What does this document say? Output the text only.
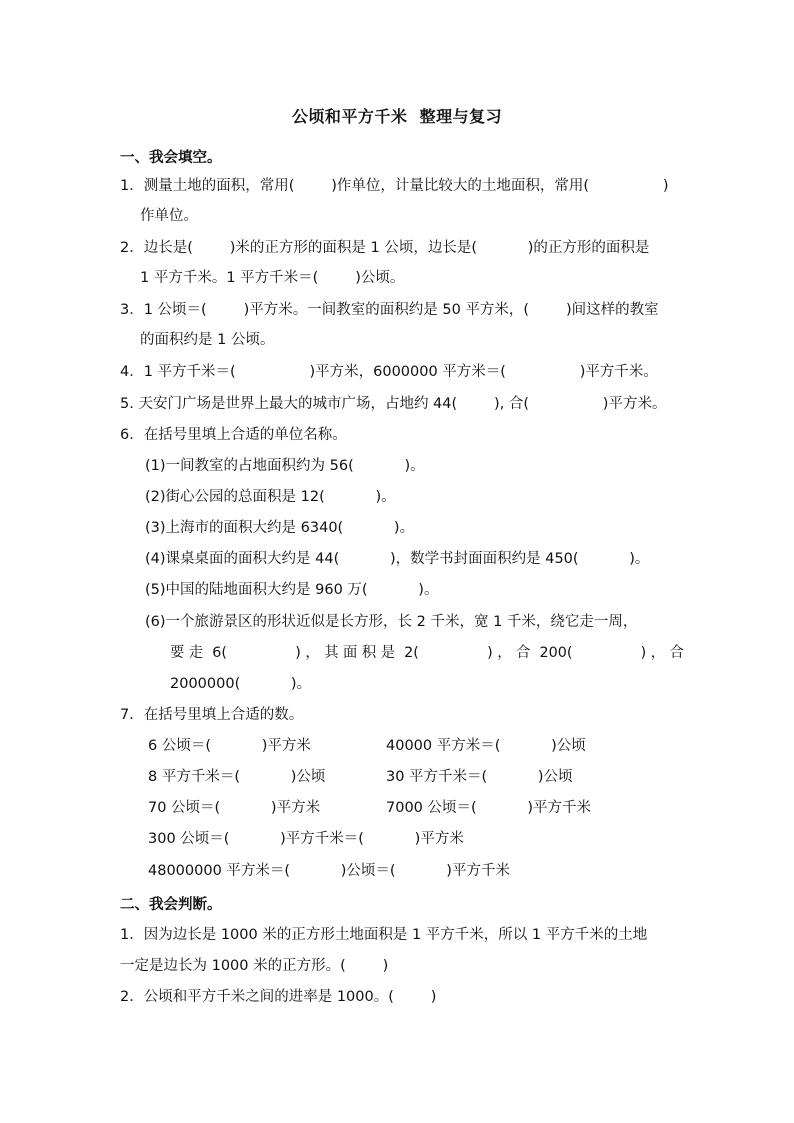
公顷和平方千米  整理与复习
一、我会填空。
1．测量土地的面积，常用(        )作单位，计量比较大的土地面积，常用(                )
作单位。
2．边长是(        )米的正方形的面积是 1 公顷，边长是(           )的正方形的面积是
1 平方千米。1 平方千米＝(        )公顷。
3．1 公顷＝(        )平方米。一间教室的面积约是 50 平方米，(        )间这样的教室
的面积约是 1 公顷。
4．1 平方千米＝(                )平方米，6000000 平方米＝(                )平方千米。
5. 天安门广场是世界上最大的城市广场，占地约 44(        ), 合(                )平方米。
6．在括号里填上合适的单位名称。
(1)一间教室的占地面积约为 56(           )。
(2)街心公园的总面积是 12(           )。
(3)上海市的面积大约是 6340(           )。
(4)课桌桌面的面积大约是 44(           )，数学书封面面积约是 450(           )。
(5)中国的陆地面积大约是 960 万(           )。
(6)一个旅游景区的形状近似是长方形，长 2 千米，宽 1 千米，绕它走一周，
要 走  6(               ) ， 其 面 积 是  2(               ) ， 合  200(               ) ， 合
2000000(           )。
7．在括号里填上合适的数。
6 公顷＝(           )平方米	40000 平方米＝(           )公顷
8 平方千米＝(           )公顷	30 平方千米＝(           )公顷
70 公顷＝(           )平方米	7000 公顷＝(           )平方千米
300 公顷＝(           )平方千米＝(           )平方米
48000000 平方米＝(           )公顷＝(           )平方千米
二、我会判断。
1．因为边长是 1000 米的正方形土地面积是 1 平方千米，所以 1 平方千米的土地
一定是边长为 1000 米的正方形。(        )
2．公顷和平方千米之间的进率是 1000。(        )
